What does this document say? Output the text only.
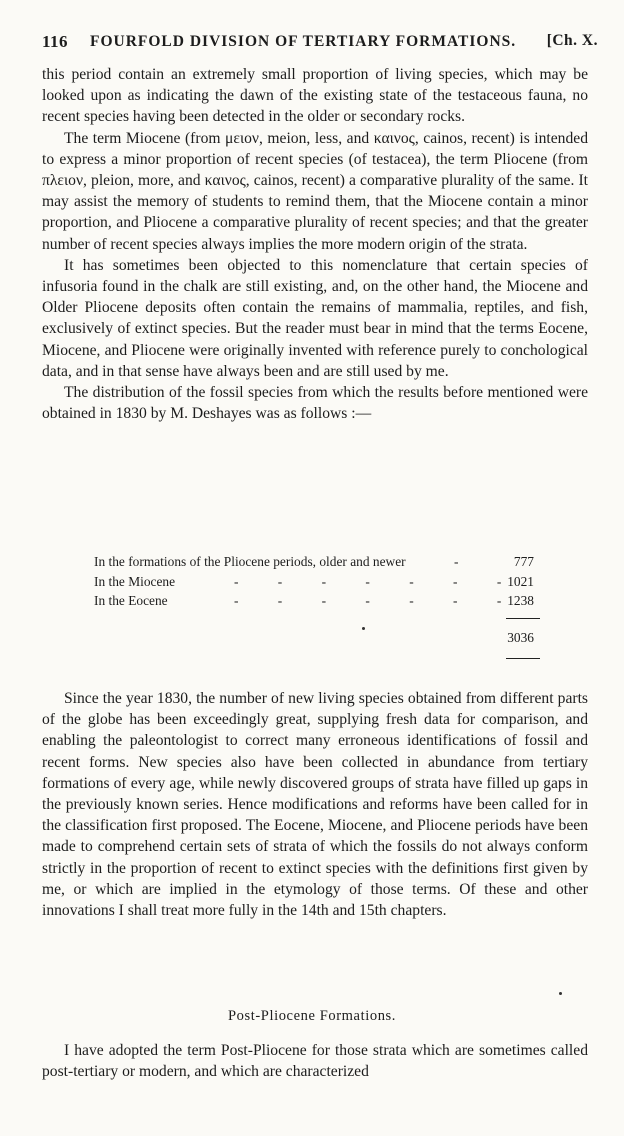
116 FOURFOLD DIVISION OF TERTIARY FORMATIONS. [Ch. X.

this period contain an extremely small proportion of living species, which may be looked upon as indicating the dawn of the existing state of the testaceous fauna, no recent species having been detected in the older or secondary rocks.

The term Miocene (from μειον, meion, less, and καινος, cainos, recent) is intended to express a minor proportion of recent species (of testacea), the term Pliocene (from πλειον, pleion, more, and καινος, cainos, recent) a comparative plurality of the same. It may assist the memory of students to remind them, that the Miocene contain a minor proportion, and Pliocene a comparative plurality of recent species; and that the greater number of recent species always implies the more modern origin of the strata.

It has sometimes been objected to this nomenclature that certain species of infusoria found in the chalk are still existing, and, on the other hand, the Miocene and Older Pliocene deposits often contain the remains of mammalia, reptiles, and fish, exclusively of extinct species. But the reader must bear in mind that the terms Eocene, Miocene, and Pliocene were originally invented with reference purely to conchological data, and in that sense have always been and are still used by me.

The distribution of the fossil species from which the results before mentioned were obtained in 1830 by M. Deshayes was as follows :—

In the formations of the Pliocene periods, older and newer	-	777
In the Miocene	- - - - - - - 1021
In the Eocene	- - - - - - - 1238
3036

Since the year 1830, the number of new living species obtained from different parts of the globe has been exceedingly great, supplying fresh data for comparison, and enabling the paleontologist to correct many erroneous identifications of fossil and recent forms. New species also have been collected in abundance from tertiary formations of every age, while newly discovered groups of strata have filled up gaps in the previously known series. Hence modifications and reforms have been called for in the classification first proposed. The Eocene, Miocene, and Pliocene periods have been made to comprehend certain sets of strata of which the fossils do not always conform strictly in the proportion of recent to extinct species with the definitions first given by me, or which are implied in the etymology of those terms. Of these and other innovations I shall treat more fully in the 14th and 15th chapters.

Post-Pliocene Formations.

I have adopted the term Post-Pliocene for those strata which are sometimes called post-tertiary or modern, and which are characterized
